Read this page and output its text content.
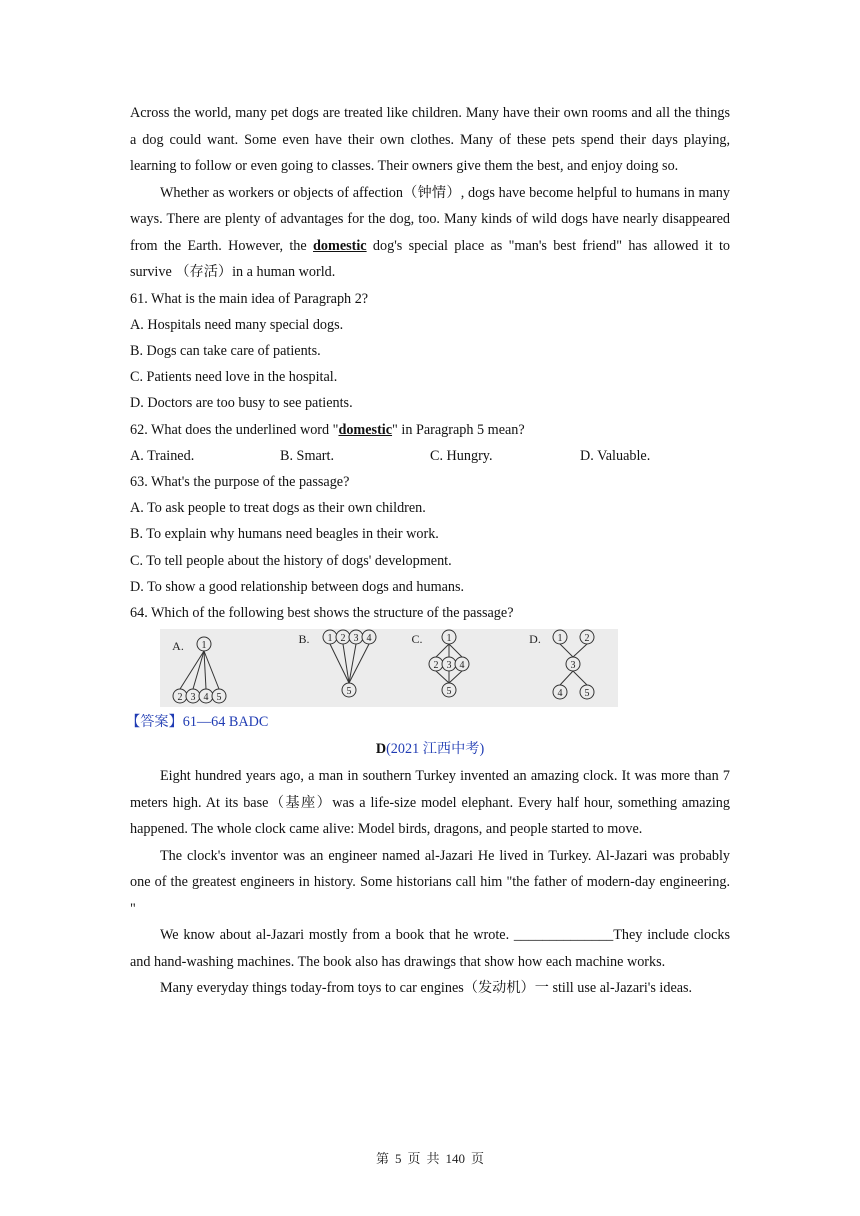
Across the world, many pet dogs are treated like children. Many have their own rooms and all the things a dog could want. Some even have their own clothes. Many of these pets spend their days playing, learning to follow or even going to classes. Their owners give them the best, and enjoy doing so.

Whether as workers or objects of affection（钟情）, dogs have become helpful to humans in many ways. There are plenty of advantages for the dog, too. Many kinds of wild dogs have nearly disappeared from the Earth. However, the domestic dog's special place as "man's best friend" has allowed it to survive （存活）in a human world.

61. What is the main idea of Paragraph 2?

A. Hospitals need many special dogs.

B. Dogs can take care of patients.

C. Patients need love in the hospital.

D. Doctors are too busy to see patients.

62. What does the underlined word "domestic" in Paragraph 5 mean?

A. Trained.	B. Smart.	C. Hungry.	D. Valuable.

63. What's the purpose of the passage?

A. To ask people to treat dogs as their own children.

B. To explain why humans need beagles in their work.

C. To tell people about the history of dogs' development.

D. To show a good relationship between dogs and humans.

64. Which of the following best shows the structure of the passage?

A.	B.	C.	D.
1
2 3 4 5
1 2 3 4
5
1
2 3 4
5
1 2
3
4 5

【答案】61—64 BADC

D(2021 江西中考)

Eight hundred years ago, a man in southern Turkey invented an amazing clock. It was more than 7 meters high. At its base（基座）was a life-size model elephant. Every half hour, something amazing happened. The whole clock came alive: Model birds, dragons, and people started to move.

The clock's inventor was an engineer named al-Jazari He lived in Turkey. Al-Jazari was probably one of the greatest engineers in history. Some historians call him "the father of modern-day engineering. "

We know about al-Jazari mostly from a book that he wrote. ______________They include clocks and hand-washing machines. The book also has drawings that show how each machine works.

Many everyday things today-from toys to car engines（发动机）一 still use al-Jazari's ideas.

第 5 页 共 140 页
